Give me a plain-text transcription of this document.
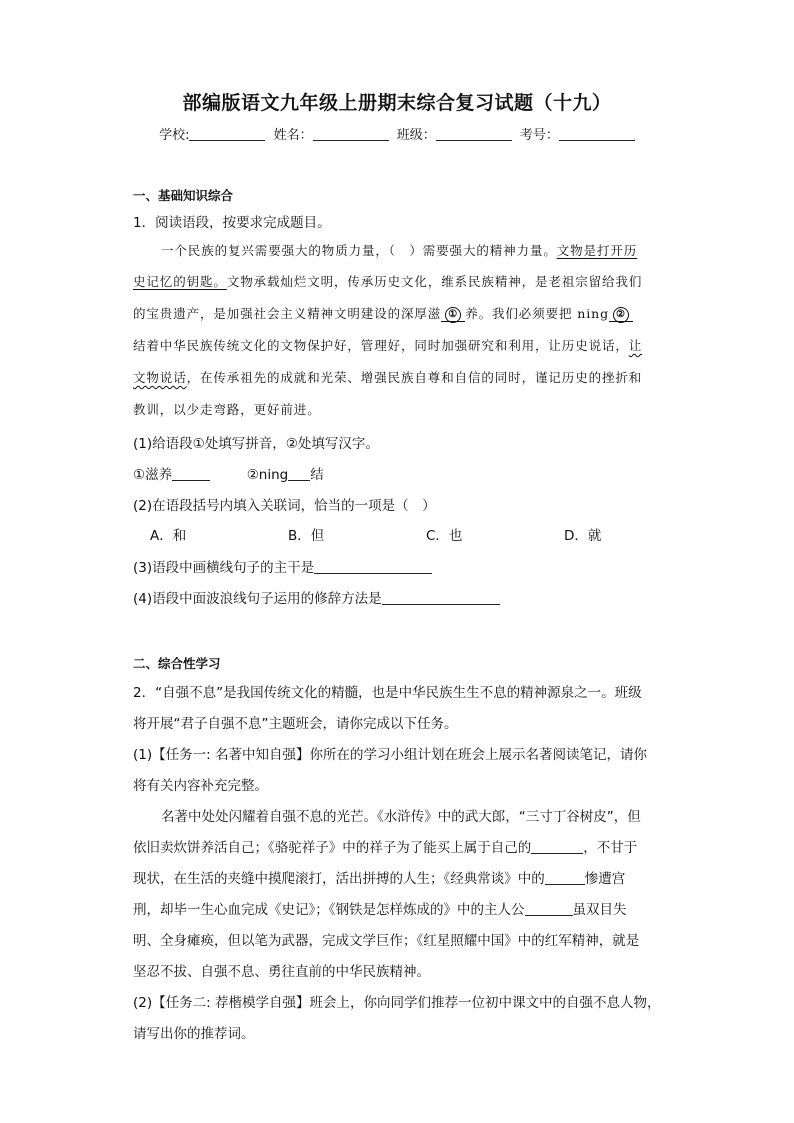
部编版语文九年级上册期末综合复习试题（十九）
学校:	姓名：	班级：	考号：
一、基础知识综合
1．阅读语段，按要求完成题目。
一个民族的复兴需要强大的物质力量，（　）需要强大的精神力量。文物是打开历
史记忆的钥匙。文物承载灿烂文明，传承历史文化，维系民族精神，是老祖宗留给我们
的宝贵遗产，是加强社会主义精神文明建设的深厚滋 ① 养。我们必须要把 ning ②
结着中华民族传统文化的文物保护好，管理好，同时加强研究和利用，让历史说话，让
文物说话，在传承祖先的成就和光荣、增强民族自尊和自信的同时，谨记历史的挫折和
教训，以少走弯路，更好前进。
(1)给语段①处填写拼音，②处填写汉字。
①滋养	②ning 结
(2)在语段括号内填入关联词，恰当的一项是（　）
A．和	B．但	C．也	D．就
(3)语段中画横线句子的主干是
(4)语段中面波浪线句子运用的修辞方法是
二、综合性学习
2．“自强不息”是我国传统文化的精髓，也是中华民族生生不息的精神源泉之一。班级
将开展“君子自强不息”主题班会，请你完成以下任务。
(1)【任务一: 名著中知自强】你所在的学习小组计划在班会上展示名著阅读笔记，请你
将有关内容补充完整。
名著中处处闪耀着自强不息的光芒。《水浒传》中的武大郎，“三寸丁谷树皮”，但
依旧卖炊饼养活自己；《骆驼祥子》中的祥子为了能买上属于自己的	，不甘于
现状，在生活的夹缝中摸爬滚打，活出拼搏的人生；《经典常谈》中的	惨遭宫
刑，却毕一生心血完成《史记》；《钢铁是怎样炼成的》中的主人公	虽双目失
明、全身瘫痪，但以笔为武器，完成文学巨作；《红星照耀中国》中的红军精神，就是
坚忍不拔、自强不息、勇往直前的中华民族精神。
(2)【任务二: 荐楷模学自强】班会上，你向同学们推荐一位初中课文中的自强不息人物，
请写出你的推荐词。
